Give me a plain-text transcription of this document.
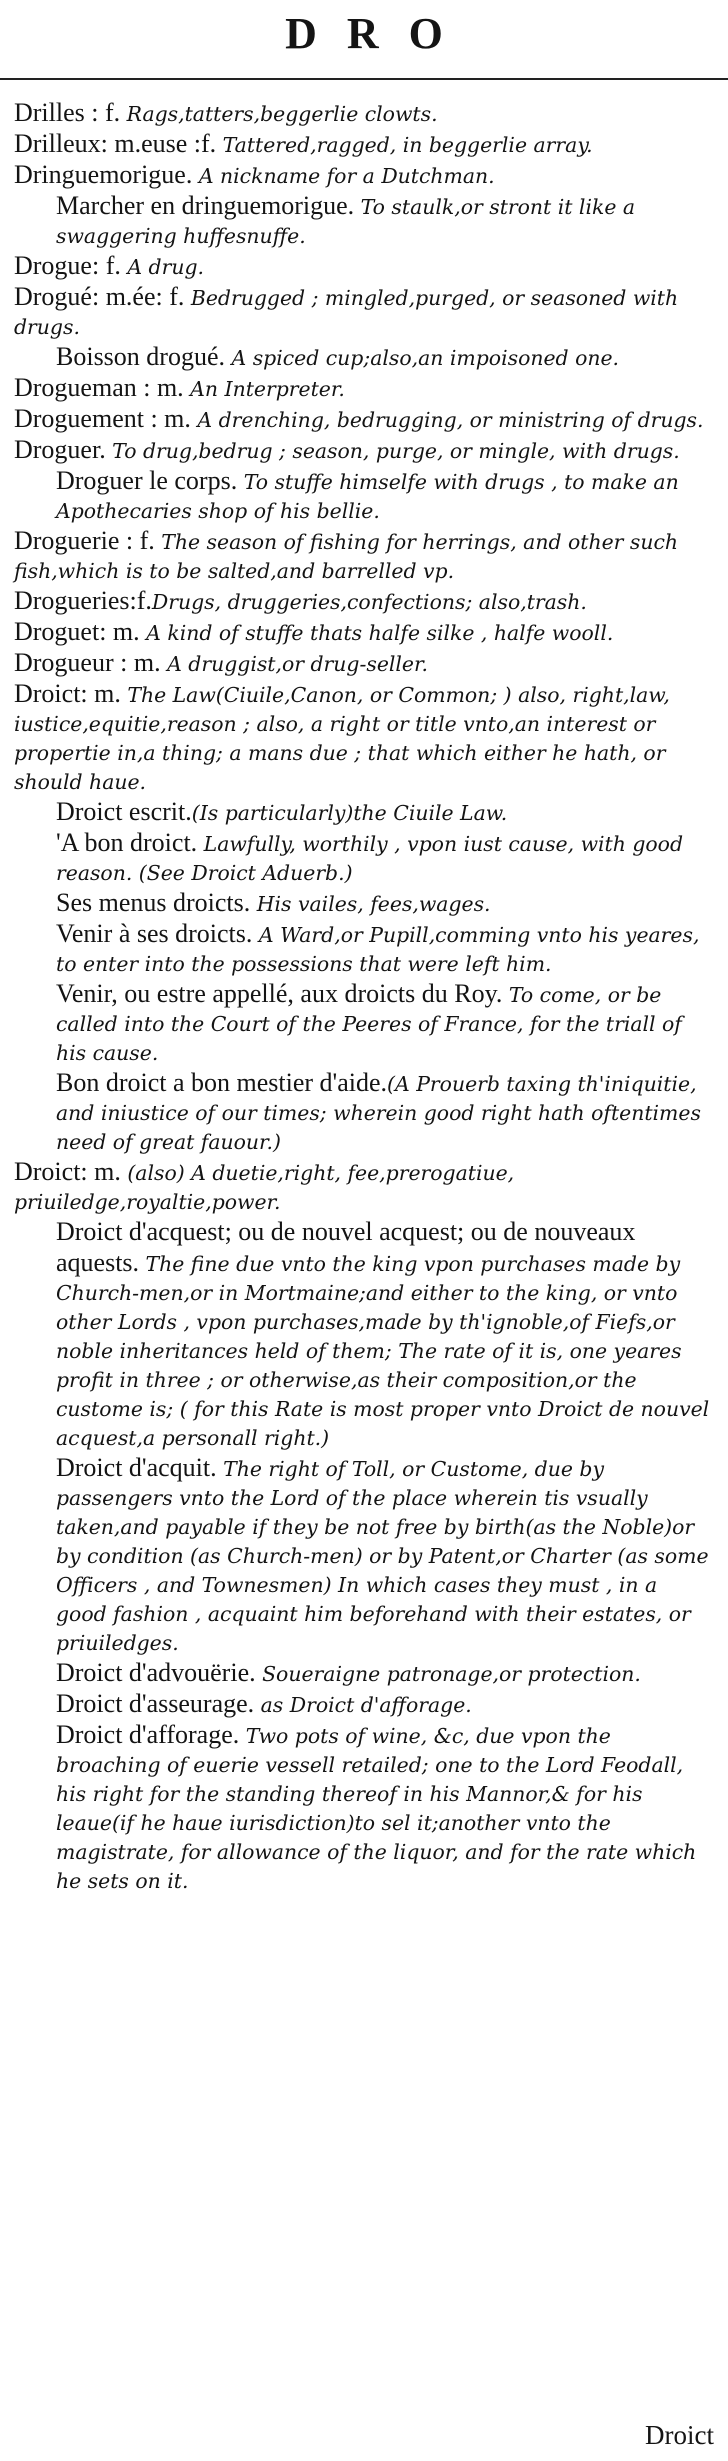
DRO

Drilles : f. Rags,tatters,beggerlie clowts.

Drilleux: m.euse :f. Tattered,ragged, in beggerlie array.

Dringuemorigue. A nickname for a Dutchman.

Marcher en dringuemorigue. To staulk,or stront it like a swaggering huffesnuffe.

Drogue: f. A drug.

Drogué: m.ée: f. Bedrugged ; mingled,purged, or seasoned with drugs.

Boisson drogué. A spiced cup;also,an impoisoned one.

Drogueman : m. An Interpreter.

Droguement : m. A drenching, bedrugging, or ministring of drugs.

Droguer. To drug,bedrug ; season, purge, or mingle, with drugs.

Droguer le corps. To stuffe himselfe with drugs , to make an Apothecaries shop of his bellie.

Droguerie : f. The season of fishing for herrings, and other such fish,which is to be salted,and barrelled vp.

Drogueries:f.Drugs, druggeries,confections; also,trash.

Droguet: m. A kind of stuffe thats halfe silke , halfe wooll.

Drogueur : m. A druggist,or drug-seller.

Droict: m. The Law(Ciuile,Canon, or Common; ) also, right,law, iustice,equitie,reason ; also, a right or title vnto,an interest or propertie in,a thing; a mans due ; that which either he hath, or should haue.

Droict escrit.(Is particularly)the Ciuile Law.

'A bon droict. Lawfully, worthily , vpon iust cause, with good reason. (See Droict Aduerb.)

Ses menus droicts. His vailes, fees,wages.

Venir à ses droicts. A Ward,or Pupill,comming vnto his yeares, to enter into the possessions that were left him.

Venir, ou estre appellé, aux droicts du Roy. To come, or be called into the Court of the Peeres of France, for the triall of his cause.

Bon droict a bon mestier d'aide.(A Prouerb taxing th'iniquitie, and iniustice of our times; wherein good right hath oftentimes need of great fauour.)

Droict: m. (also) A duetie,right, fee,prerogatiue, priuiledge,royaltie,power.

Droict d'acquest; ou de nouvel acquest; ou de nouveaux aquests. The fine due vnto the king vpon purchases made by Church-men,or in Mortmaine;and either to the king, or vnto other Lords , vpon purchases,made by th'ignoble,of Fiefs,or noble inheritances held of them; The rate of it is, one yeares profit in three ; or otherwise,as their composition,or the custome is; ( for this Rate is most proper vnto Droict de nouvel acquest,a personall right.)

Droict d'acquit. The right of Toll, or Custome, due by passengers vnto the Lord of the place wherein tis vsually taken,and payable if they be not free by birth(as the Noble)or by condition (as Church-men) or by Patent,or Charter (as some Officers , and Townesmen) In which cases they must , in a good fashion , acquaint him beforehand with their estates, or priuiledges.

Droict d'advouërie. Soueraigne patronage,or protection.

Droict d'asseurage. as Droict d'afforage.

Droict d'afforage. Two pots of wine, &c, due vpon the broaching of euerie vessell retailed; one to the Lord Feodall, his right for the standing thereof in his Mannor,& for his leaue(if he haue iurisdiction)to sel it;another vnto the magistrate, for allowance of the liquor, and for the rate which he sets on it.

Droict
